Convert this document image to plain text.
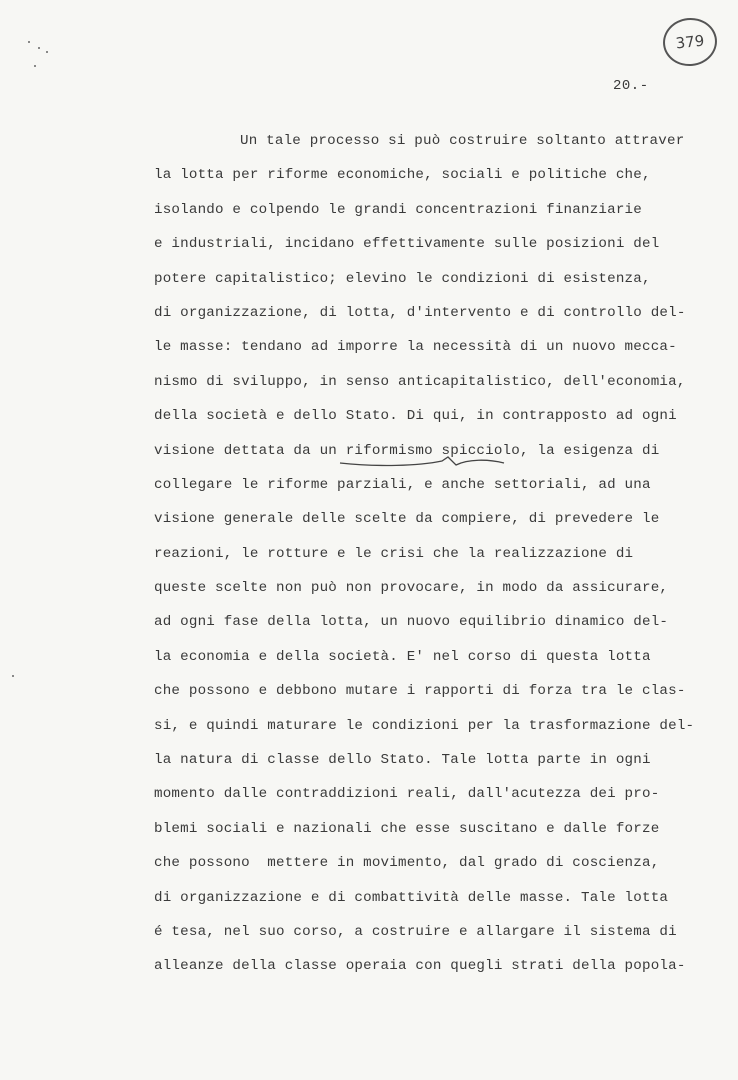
379
20.-
Un tale processo si può costruire soltanto attraver
la lotta per riforme economiche, sociali e politiche che,
isolando e colpendo le grandi concentrazioni finanziarie
e industriali, incidano effettivamente sulle posizioni del
potere capitalistico; elevino le condizioni di esistenza,
di organizzazione, di lotta, d'intervento e di controllo del-
le masse: tendano ad imporre la necessità di un nuovo mecca-
nismo di sviluppo, in senso anticapitalistico, dell'economia,
della società e dello Stato. Di qui, in contrapposto ad ogni
visione dettata da un riformismo spicciolo, la esigenza di
collegare le riforme parziali, e anche settoriali, ad una
visione generale delle scelte da compiere, di prevedere le
reazioni, le rotture e le crisi che la realizzazione di
queste scelte non può non provocare, in modo da assicurare,
ad ogni fase della lotta, un nuovo equilibrio dinamico del-
la economia e della società. E' nel corso di questa lotta
che possono e debbono mutare i rapporti di forza tra le clas-
si, e quindi maturare le condizioni per la trasformazione del-
la natura di classe dello Stato. Tale lotta parte in ogni
momento dalle contraddizioni reali, dall'acutezza dei pro-
blemi sociali e nazionali che esse suscitano e dalle forze
che possono  mettere in movimento, dal grado di coscienza,
di organizzazione e di combattività delle masse. Tale lotta
é tesa, nel suo corso, a costruire e allargare il sistema di
alleanze della classe operaia con quegli strati della popola-
